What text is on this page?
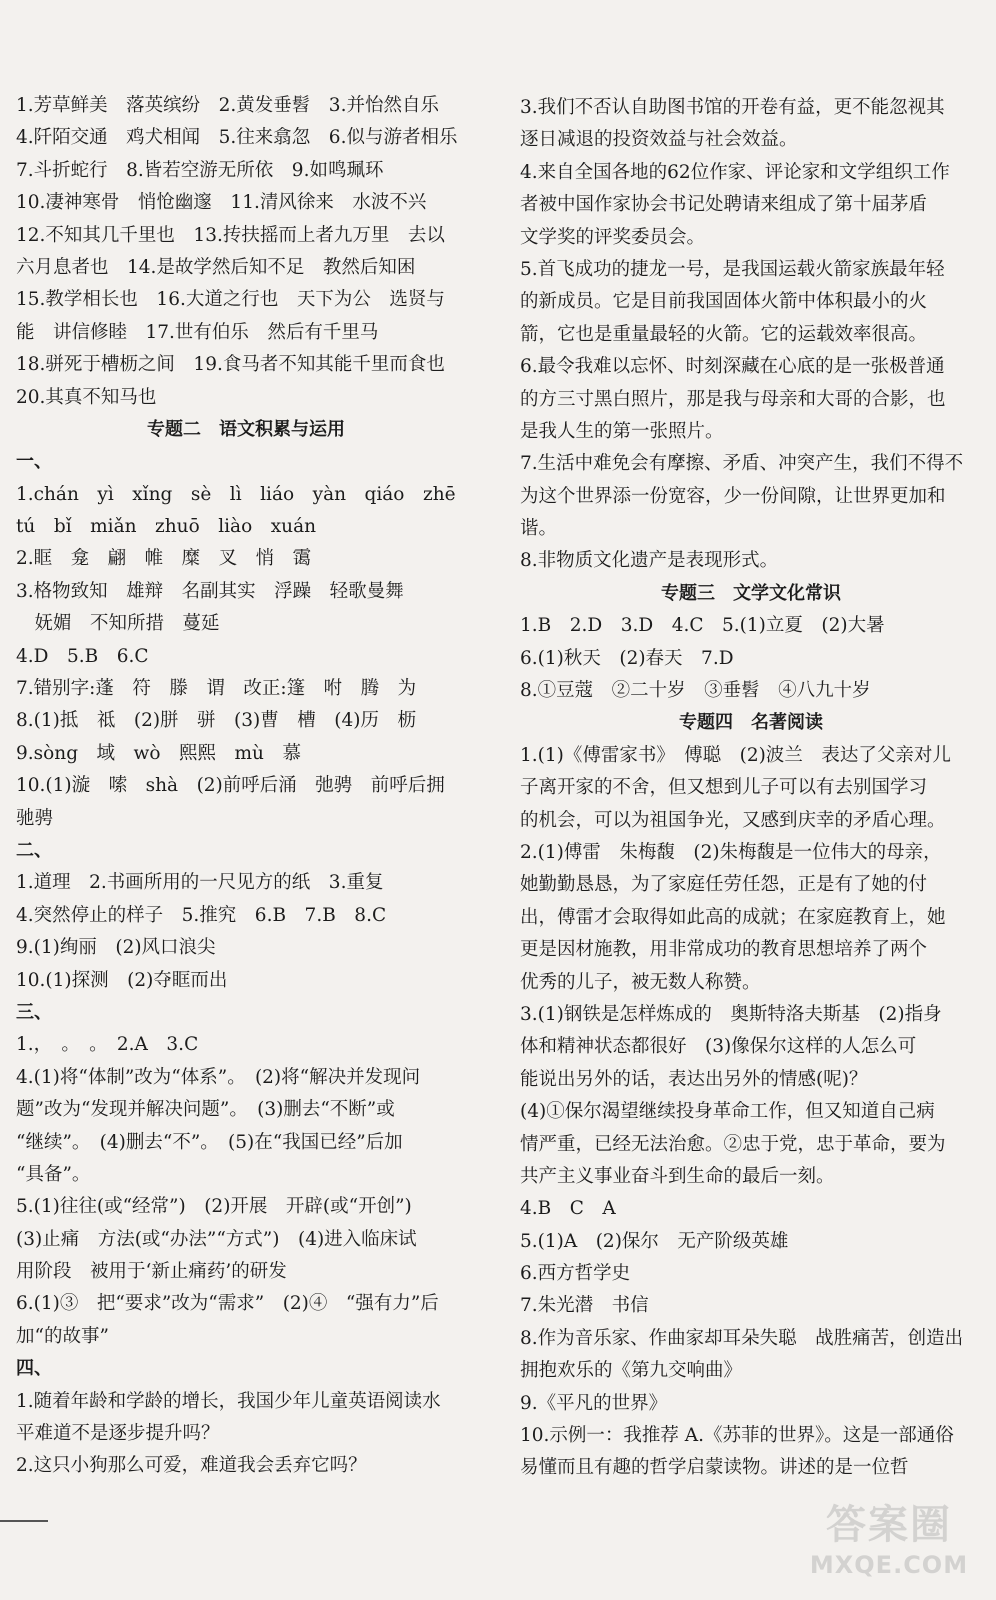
1.芳草鲜美　落英缤纷　2.黄发垂髫　3.并怡然自乐
4.阡陌交通　鸡犬相闻　5.往来翕忽　6.似与游者相乐
7.斗折蛇行　8.皆若空游无所依　9.如鸣珮环
10.凄神寒骨　悄怆幽邃　11.清风徐来　水波不兴
12.不知其几千里也　13.抟扶摇而上者九万里　去以
六月息者也　14.是故学然后知不足　教然后知困
15.教学相长也　16.大道之行也　天下为公　选贤与
能　讲信修睦　17.世有伯乐　然后有千里马
18.骈死于槽枥之间　19.食马者不知其能千里而食也
20.其真不知马也
专题二　语文积累与运用
一、
1.chán　yì　xǐng　sè　lì　liáo　yàn　qiáo　zhē
tú　bǐ　miǎn　zhuō　liào　xuán
2.眶　龛　翩　帷　糜　叉　悄　霭
3.格物致知　雄辩　名副其实　浮躁　轻歌曼舞
　妩媚　不知所措　蔓延
4.D　5.B　6.C
7.错别字:蓬　符　滕　谓　改正:篷　咐　腾　为
8.(1)抵　祗　(2)胼　骈　(3)曹　槽　(4)历　枥
9.sòng　域　wò　熙熙　mù　慕
10.(1)漩　嗦　shà　(2)前呼后涌　弛骋　前呼后拥
驰骋
二、
1.道理　2.书画所用的一尺见方的纸　3.重复
4.突然停止的样子　5.推究　6.B　7.B　8.C
9.(1)绚丽　(2)风口浪尖
10.(1)探测　(2)夺眶而出
三、
1.，　。　。　2.A　3.C
4.(1)将“体制”改为“体系”。　(2)将“解决并发现问
题”改为“发现并解决问题”。　(3)删去“不断”或
“继续”。　(4)删去“不”。　(5)在“我国已经”后加
“具备”。
5.(1)往往(或“经常”)　(2)开展　开辟(或“开创”)
(3)止痛　方法(或“办法”“方式”)　(4)进入临床试
用阶段　被用于‘新止痛药’的研发
6.(1)③　把“要求”改为“需求”　(2)④　“强有力”后
加“的故事”
四、
1.随着年龄和学龄的增长，我国少年儿童英语阅读水
平难道不是逐步提升吗？
2.这只小狗那么可爱，难道我会丢弃它吗？
3.我们不否认自助图书馆的开卷有益，更不能忽视其
逐日减退的投资效益与社会效益。
4.来自全国各地的62位作家、评论家和文学组织工作
者被中国作家协会书记处聘请来组成了第十届茅盾
文学奖的评奖委员会。
5.首飞成功的捷龙一号，是我国运载火箭家族最年轻
的新成员。它是目前我国固体火箭中体积最小的火
箭，它也是重量最轻的火箭。它的运载效率很高。
6.最令我难以忘怀、时刻深藏在心底的是一张极普通
的方三寸黑白照片，那是我与母亲和大哥的合影，也
是我人生的第一张照片。
7.生活中难免会有摩擦、矛盾、冲突产生，我们不得不
为这个世界添一份宽容，少一份间隙，让世界更加和
谐。
8.非物质文化遗产是表现形式。
专题三　文学文化常识
1.B　2.D　3.D　4.C　5.(1)立夏　(2)大暑
6.(1)秋天　(2)春天　7.D
8.①豆蔻　②二十岁　③垂髫　④八九十岁
专题四　名著阅读
1.(1)《傅雷家书》　傅聪　(2)波兰　表达了父亲对儿
子离开家的不舍，但又想到儿子可以有去别国学习
的机会，可以为祖国争光，又感到庆幸的矛盾心理。
2.(1)傅雷　朱梅馥　(2)朱梅馥是一位伟大的母亲，
她勤勤恳恳，为了家庭任劳任怨，正是有了她的付
出，傅雷才会取得如此高的成就；在家庭教育上，她
更是因材施教，用非常成功的教育思想培养了两个
优秀的儿子，被无数人称赞。
3.(1)钢铁是怎样炼成的　奥斯特洛夫斯基　(2)指身
体和精神状态都很好　(3)像保尔这样的人怎么可
能说出另外的话，表达出另外的情感(呢)？
(4)①保尔渴望继续投身革命工作，但又知道自己病
情严重，已经无法治愈。②忠于党，忠于革命，要为
共产主义事业奋斗到生命的最后一刻。
4.B　C　A
5.(1)A　(2)保尔　无产阶级英雄
6.西方哲学史
7.朱光潜　书信
8.作为音乐家、作曲家却耳朵失聪　战胜痛苦，创造出
拥抱欢乐的《第九交响曲》
9.《平凡的世界》
10.示例一：我推荐 A.《苏菲的世界》。这是一部通俗
易懂而且有趣的哲学启蒙读物。讲述的是一位哲
答案圈
MXQE.COM
